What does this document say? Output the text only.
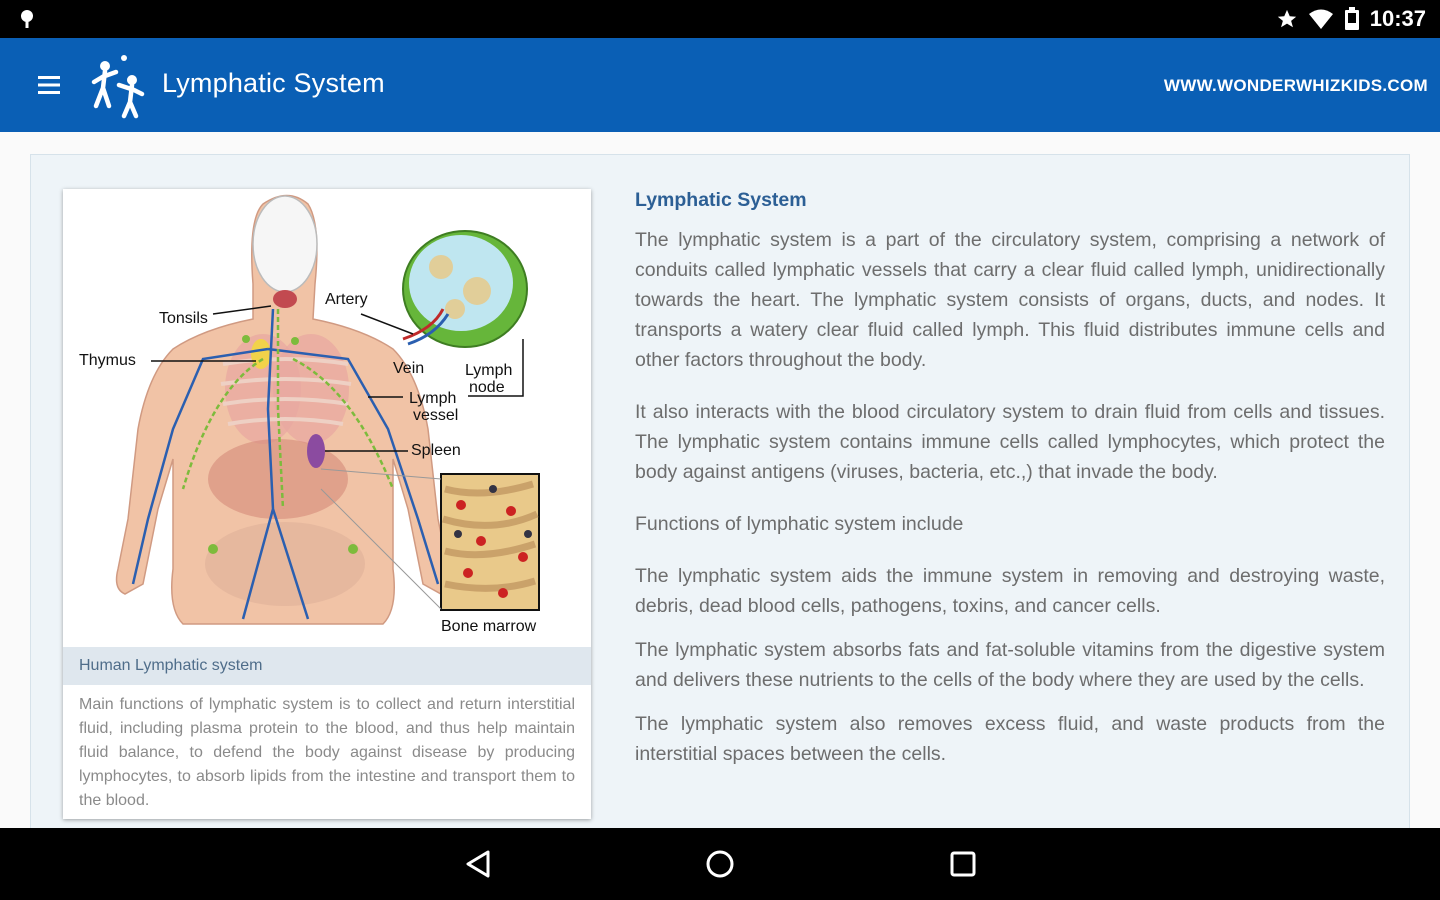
10:37
Lymphatic System	WWW.WONDERWHIZKIDS.COM
Tonsils
Thymus
Artery
Vein	Lymph
node
Lymph
vessel
Spleen
Bone marrow
Human Lymphatic system
Main functions of lymphatic system is to collect and return interstitial fluid, including plasma protein to the blood, and thus help maintain fluid balance, to defend the body against disease by producing lymphocytes, to absorb lipids from the intestine and transport them to the blood.
Lymphatic System

The lymphatic system is a part of the circulatory system, comprising a network of conduits called lymphatic vessels that carry a clear fluid called lymph, unidirectionally towards the heart. The lymphatic system consists of organs, ducts, and nodes. It transports a watery clear fluid called lymph. This fluid distributes immune cells and other factors throughout the body.

It also interacts with the blood circulatory system to drain fluid from cells and tissues. The lymphatic system contains immune cells called lymphocytes, which protect the body against antigens (viruses, bacteria, etc.,) that invade the body.

Functions of lymphatic system include

The lymphatic system aids the immune system in removing and destroying waste, debris, dead blood cells, pathogens, toxins, and cancer cells.

The lymphatic system absorbs fats and fat-soluble vitamins from the digestive system and delivers these nutrients to the cells of the body where they are used by the cells.

The lymphatic system also removes excess fluid, and waste products from the interstitial spaces between the cells.
